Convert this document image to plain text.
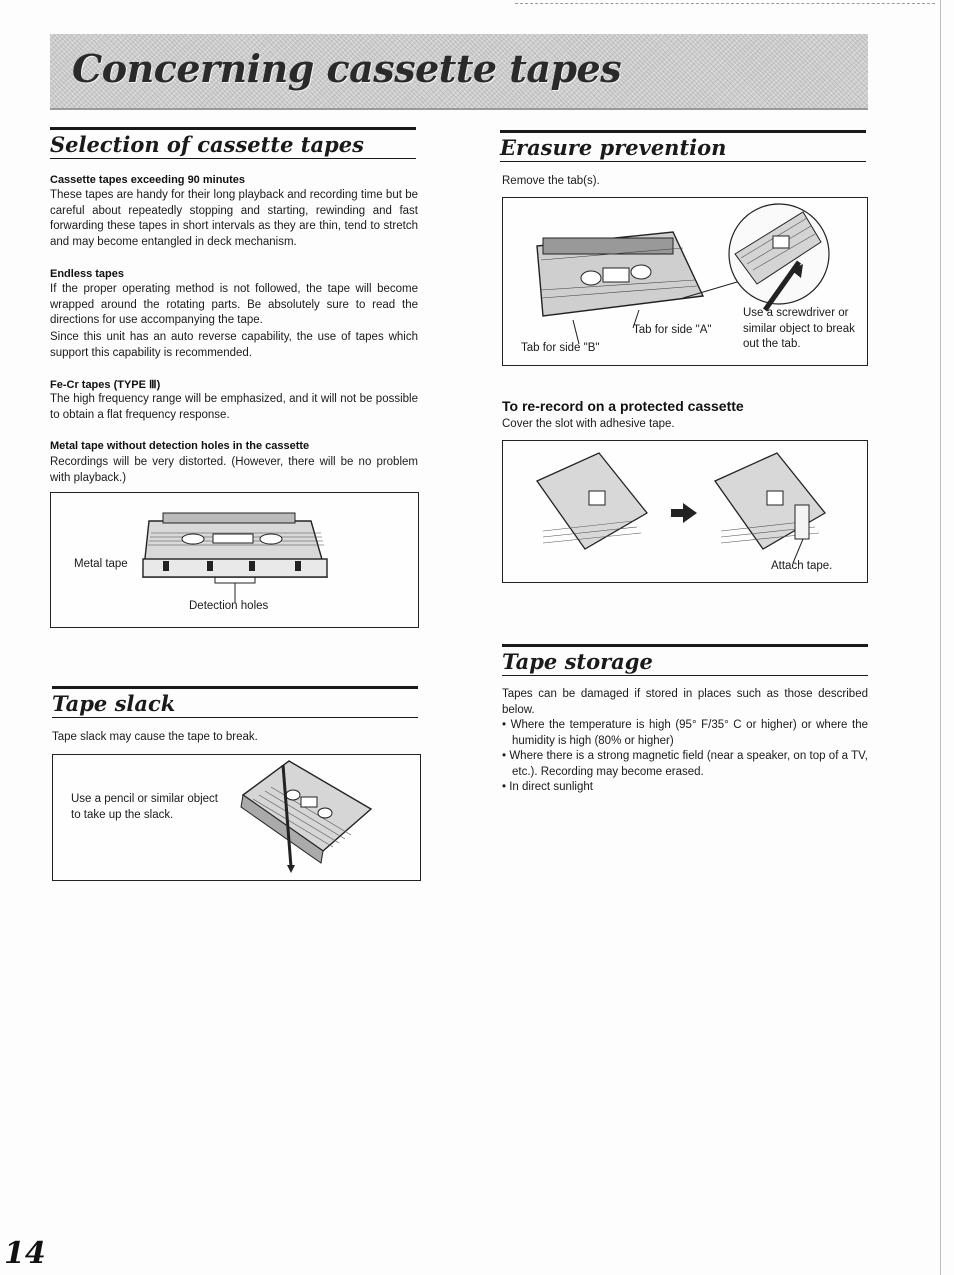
Concerning cassette tapes
Selection of cassette tapes
Cassette tapes exceeding 90 minutes
These tapes are handy for their long playback and recording time but be careful about repeatedly stopping and starting, rewinding and fast forwarding these tapes in short intervals as they are thin, tend to stretch and may become entangled in deck mechanism.
Endless tapes
If the proper operating method is not followed, the tape will become wrapped around the rotating parts. Be absolutely sure to read the directions for use accompanying the tape.
Since this unit has an auto reverse capability, the use of tapes which support this capability is recommended.
Fe-Cr tapes (TYPE Ⅲ)
The high frequency range will be emphasized, and it will not be possible to obtain a flat frequency response.
Metal tape without detection holes in the cassette
Recordings will be very distorted. (However, there will be no problem with playback.)
Metal tape
Detection holes
Tape slack
Tape slack may cause the tape to break.
Use a pencil or similar object to take up the slack.
Erasure prevention
Remove the tab(s).
Tab for side "A"
Tab for side "B"
Use a screwdriver or similar object to break out the tab.
To re-record on a protected cassette
Cover the slot with adhesive tape.
Attach tape.
Tape storage
Tapes can be damaged if stored in places such as those described below.
• Where the temperature is high (95° F/35° C or higher) or where the humidity is high (80% or higher)
• Where there is a strong magnetic field (near a speaker, on top of a TV, etc.). Recording may become erased.
• In direct sunlight
14
